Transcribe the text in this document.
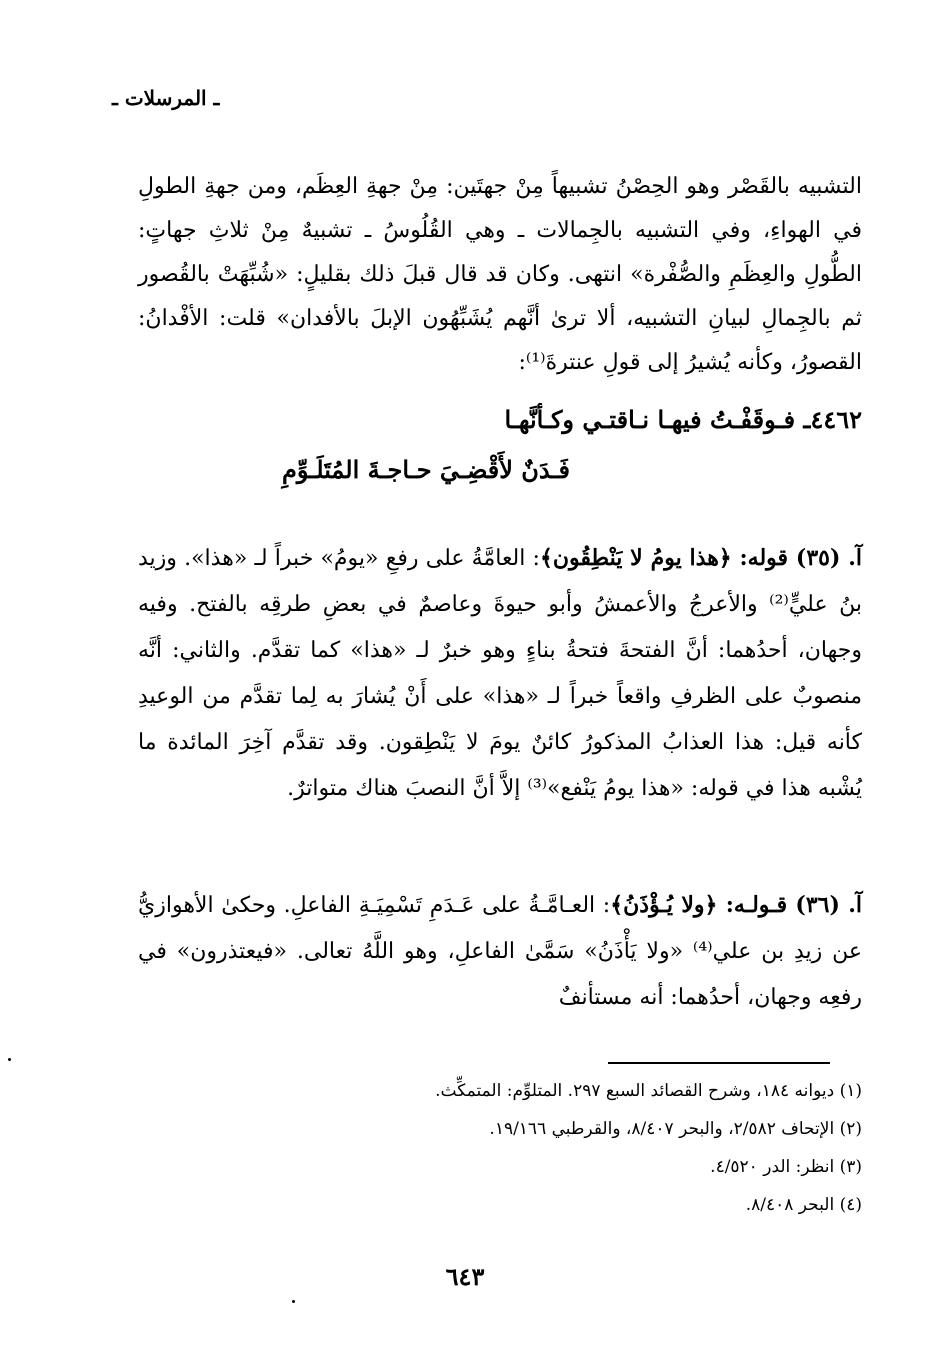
ـ المرسلات ـ

التشبيه بالقَصْر وهو الحِصْنُ تشبيهاً مِنْ جهتَين: مِنْ جهةِ العِظَم، ومن جهةِ الطولِ في الهواءِ، وفي التشبيه بالجِمالات ـ وهي القُلُوسُ ـ تشبيهٌ مِنْ ثلاثِ جهاتٍ: الطُّولِ والعِظَمِ والصُّفْرة» انتهى. وكان قد قال قبلَ ذلك بقليلٍ: «شُبِّهَتْ بالقُصور ثم بالجِمالِ لبيانِ التشبيه، ألا ترىٰ أنَّهم يُشَبِّهُون الإبلَ بالأفدان» قلت: الأفْدانُ: القصورُ، وكأنه يُشيرُ إلى قولِ عنترةَ⁽¹⁾:

٤٤٦٢ـ فـوقَفْـتُ فيهـا نـاقتـي وكـأنَّهـا
فَـدَنٌ لأَقْضِـيَ حـاجـةَ المُتَلَـوِّمِ

آ. (٣٥) قوله: ﴿هذا يومُ لا يَنْطِقُون﴾: العامَّةُ على رفعِ «يومُ» خبراً لـ «هذا». وزيد بنُ عليٍّ⁽²⁾ والأعرجُ والأعمشُ وأبو حيوةَ وعاصمٌ في بعضِ طرقِه بالفتح. وفيه وجهان، أحدُهما: أنَّ الفتحةَ فتحةُ بناءٍ وهو خبرٌ لـ «هذا» كما تقدَّم. والثاني: أنَّه منصوبٌ على الظرفِ واقعاً خبراً لـ «هذا» على أَنْ يُشارَ به لِما تقدَّم من الوعيدِ كأنه قيل: هذا العذابُ المذكورُ كائنٌ يومَ لا يَنْطِقون. وقد تقدَّم آخِرَ المائدة ما يُشْبه هذا في قوله: «هذا يومُ يَنْفع»⁽³⁾ إلاَّ أنَّ النصبَ هناك متواترٌ.

آ. (٣٦) قـولـه: ﴿ولا يُـؤْذَنُ﴾: العـامَّـةُ على عَـدَمِ تَسْمِيَـةِ الفاعلِ. وحكىٰ الأهوازيُّ عن زيدِ بن علي⁽⁴⁾ «ولا يَأْذَنُ» سَمَّىٰ الفاعلِ، وهو اللَّهُ تعالى. «فيعتذرون» في رفعِه وجهان، أحدُهما: أنه مستأنفٌ

(١) ديوانه ١٨٤، وشرح القصائد السبع ٢٩٧. المتلوِّم: المتمكِّث.
(٢) الإتحاف ٢/٥٨٢، والبحر ٨/٤٠٧، والقرطبي ١٩/١٦٦.
(٣) انظر: الدر ٤/٥٢٠.
(٤) البحر ٨/٤٠٨.
٦٤٣
